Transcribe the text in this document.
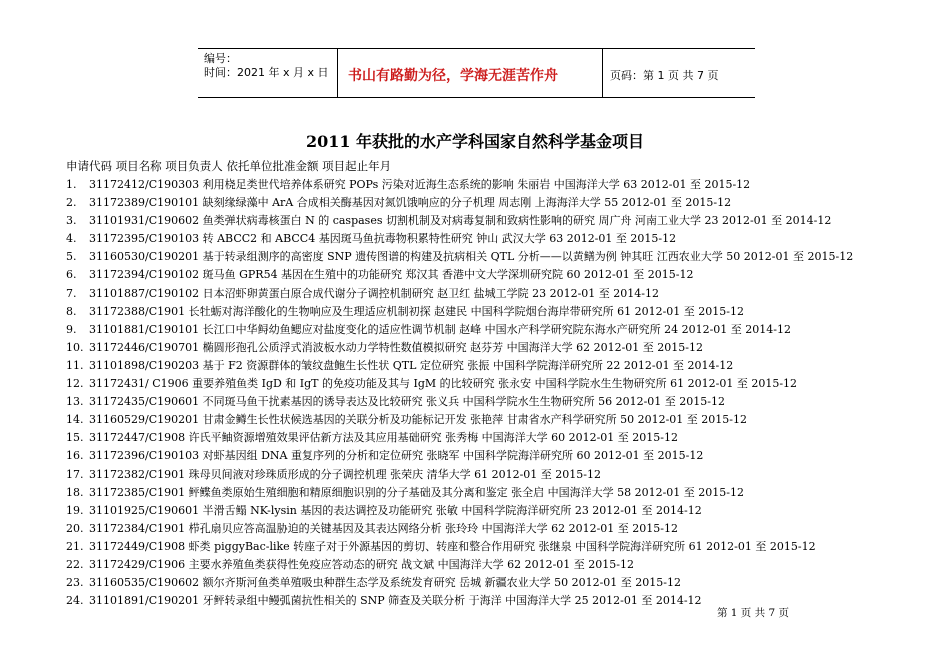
编号：
时间：2021 年 x 月 x 日 书山有路勤为径，学海无涯苦作舟	页码：第 1 页 共 7 页
2011 年获批的水产学科国家自然科学基金项目
申请代码 项目名称 项目负责人 依托单位批准金额 项目起止年月
1.	31172412/C190303 利用桡足类世代培养体系研究 POPs 污染对近海生态系统的影响 朱丽岩 中国海洋大学 63 2012-01 至 2015-12
2.	31172389/C190101 缺刻缘绿藻中 ArA 合成相关酶基因对氮饥饿响应的分子机理 周志刚 上海海洋大学 55 2012-01 至 2015-12
3.	31101931/C190602 鱼类弹状病毒核蛋白 N 的 caspases 切割机制及对病毒复制和致病性影响的研究 周广舟 河南工业大学 23 2012-01 至 2014-12
4.	31172395/C190103 转 ABCC2 和 ABCC4 基因斑马鱼抗毒物积累特性研究 钟山 武汉大学 63 2012-01 至 2015-12
5.	31160530/C190201 基于转录组测序的高密度 SNP 遗传图谱的构建及抗病相关 QTL 分析——以黄鳝为例 钟其旺 江西农业大学 50 2012-01 至 2015-12
6.	31172394/C190102 斑马鱼 GPR54 基因在生殖中的功能研究 郑汉其 香港中文大学深圳研究院 60 2012-01 至 2015-12
7.	31101887/C190102 日本沼虾卵黄蛋白原合成代谢分子调控机制研究 赵卫红 盐城工学院 23 2012-01 至 2014-12
8.	31172388/C1901 长牡蛎对海洋酸化的生物响应及生理适应机制初探 赵建民 中国科学院烟台海岸带研究所 61 2012-01 至 2015-12
9.	31101881/C190101 长江口中华鲟幼鱼鳃应对盐度变化的适应性调节机制 赵峰 中国水产科学研究院东海水产研究所 24 2012-01 至 2014-12
10. 31172446/C190701 椭圆形孢孔公质浮式消波板水动力学特性数值模拟研究 赵芬芳 中国海洋大学 62 2012-01 至 2015-12
11. 31101898/C190203 基于 F2 资源群体的皱纹盘鲍生长性状 QTL 定位研究 张振 中国科学院海洋研究所 22 2012-01 至 2014-12
12. 31172431/ C1906 重要养殖鱼类 IgD 和 IgT 的免疫功能及其与 IgM 的比较研究 张永安 中国科学院水生生物研究所 61 2012-01 至 2015-12
13. 31172435/C190601 不同斑马鱼干扰素基因的诱导表达及比较研究 张义兵 中国科学院水生生物研究所 56 2012-01 至 2015-12
14. 31160529/C190201 甘肃金鳟生长性状候选基因的关联分析及功能标记开发 张艳萍 甘肃省水产科学研究所 50 2012-01 至 2015-12
15. 31172447/C1908 许氏平鲉资源增殖效果评估新方法及其应用基础研究 张秀梅 中国海洋大学 60 2012-01 至 2015-12
16. 31172396/C190103 对虾基因组 DNA 重复序列的分析和定位研究 张晓军 中国科学院海洋研究所 60 2012-01 至 2015-12
17. 31172382/C1901 珠母贝间液对珍珠质形成的分子调控机理 张荣庆 清华大学 61 2012-01 至 2015-12
18. 31172385/C1901 鲆鲽鱼类原始生殖细胞和精原细胞识别的分子基础及其分离和鉴定 张全启 中国海洋大学 58 2012-01 至 2015-12
19. 31101925/C190601 半滑舌鳎 NK-lysin 基因的表达调控及功能研究 张敏 中国科学院海洋研究所 23 2012-01 至 2014-12
20. 31172384/C1901 栉孔扇贝应答高温胁迫的关键基因及其表达网络分析 张玲玲 中国海洋大学 62 2012-01 至 2015-12
21. 31172449/C1908 虾类 piggyBac-like 转座子对于外源基因的剪切、转座和整合作用研究 张继泉 中国科学院海洋研究所 61 2012-01 至 2015-12
22. 31172429/C1906 主要水养殖鱼类获得性免疫应答动态的研究 战文斌 中国海洋大学 62 2012-01 至 2015-12
23. 31160535/C190602 额尔齐斯河鱼类单殖吸虫种群生态学及系统发育研究 岳城 新疆农业大学 50 2012-01 至 2015-12
24. 31101891/C190201 牙鲆转录组中鳗弧菌抗性相关的 SNP 筛查及关联分析 于海洋 中国海洋大学 25 2012-01 至 2014-12
第 1 页 共 7 页
